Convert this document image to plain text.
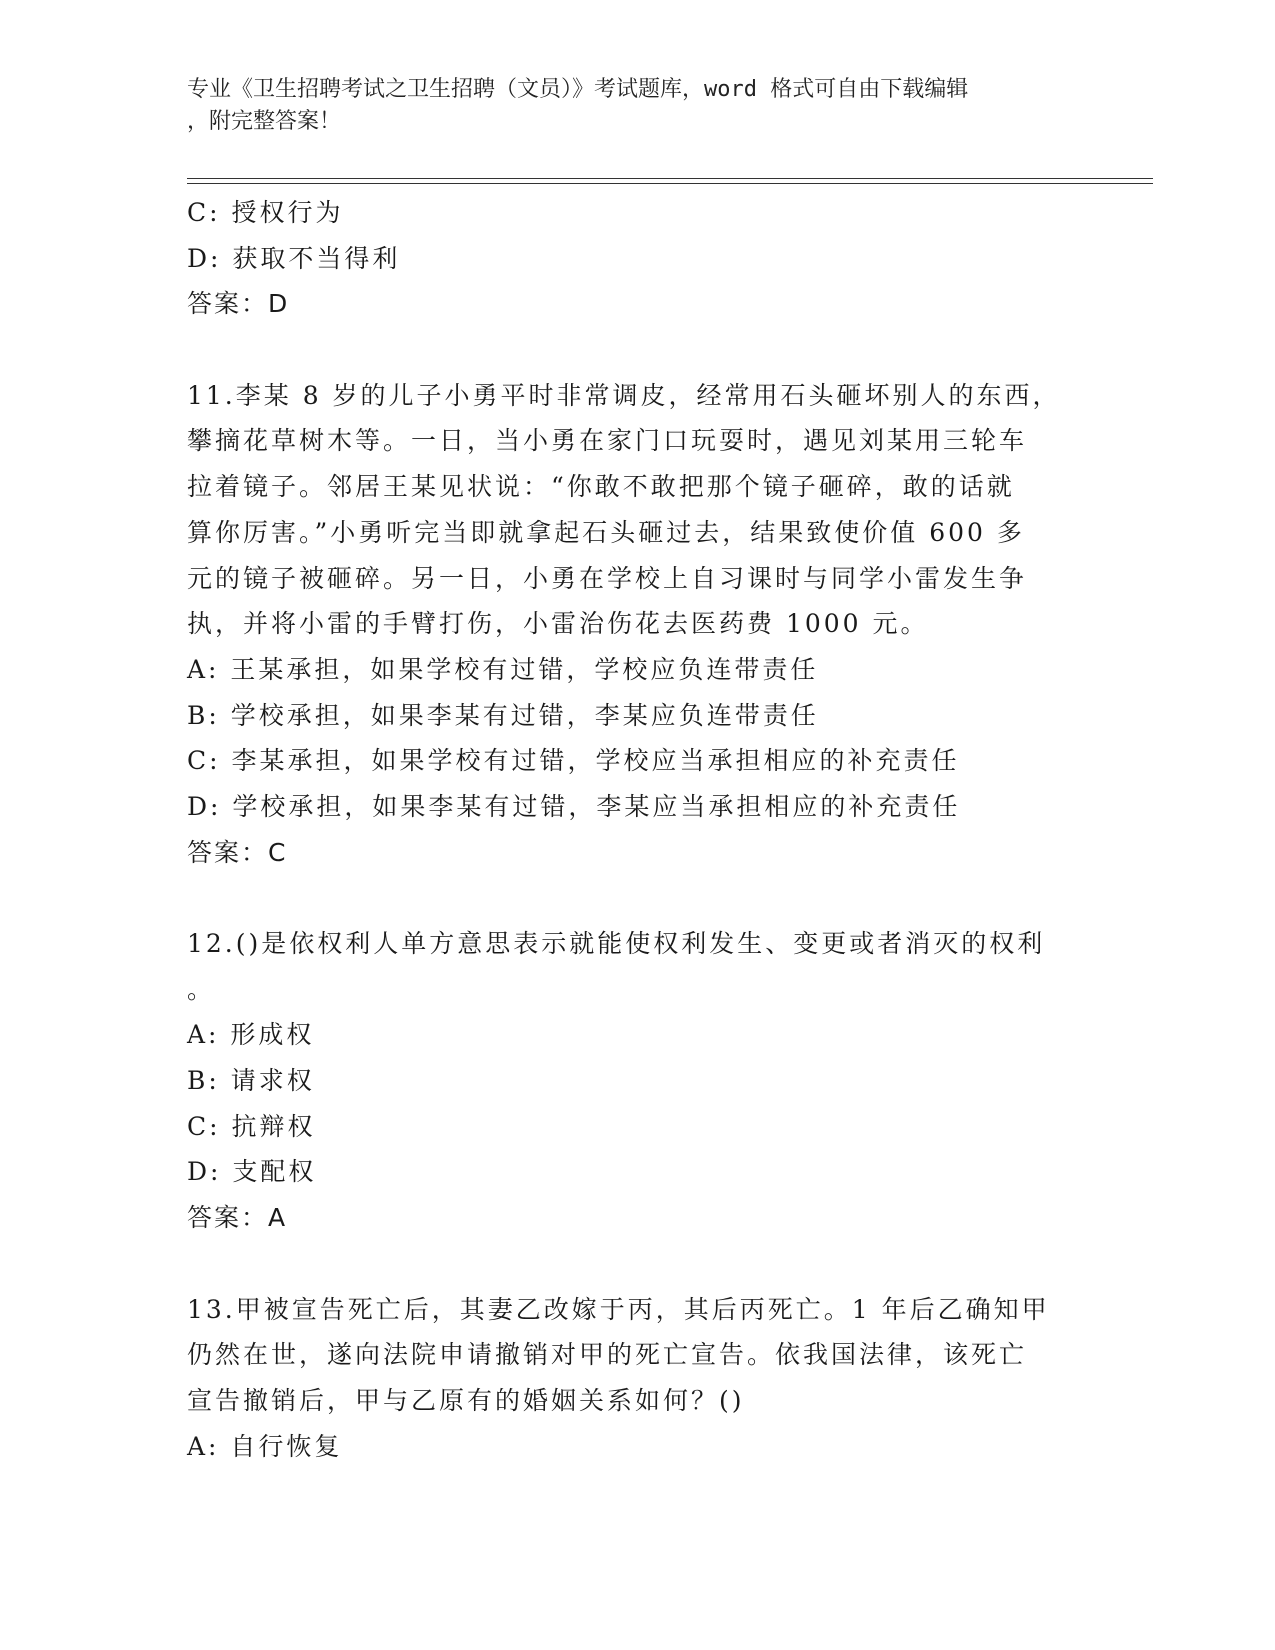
专业《卫生招聘考试之卫生招聘（文员）》考试题库，word 格式可自由下载编辑
，附完整答案！
C: 授权行为
D: 获取不当得利
答案：D
11.李某 8 岁的儿子小勇平时非常调皮，经常用石头砸坏别人的东西，
攀摘花草树木等。一日，当小勇在家门口玩耍时，遇见刘某用三轮车
拉着镜子。邻居王某见状说：“你敢不敢把那个镜子砸碎，敢的话就
算你厉害。”小勇听完当即就拿起石头砸过去，结果致使价值 600 多
元的镜子被砸碎。另一日，小勇在学校上自习课时与同学小雷发生争
执，并将小雷的手臂打伤，小雷治伤花去医药费 1000 元。
A: 王某承担，如果学校有过错，学校应负连带责任
B: 学校承担，如果李某有过错，李某应负连带责任
C: 李某承担，如果学校有过错，学校应当承担相应的补充责任
D: 学校承担，如果李某有过错，李某应当承担相应的补充责任
答案：C
12.()是依权利人单方意思表示就能使权利发生、变更或者消灭的权利
。
A: 形成权
B: 请求权
C: 抗辩权
D: 支配权
答案：A
13.甲被宣告死亡后，其妻乙改嫁于丙，其后丙死亡。1 年后乙确知甲
仍然在世，遂向法院申请撤销对甲的死亡宣告。依我国法律，该死亡
宣告撤销后，甲与乙原有的婚姻关系如何？()
A: 自行恢复
